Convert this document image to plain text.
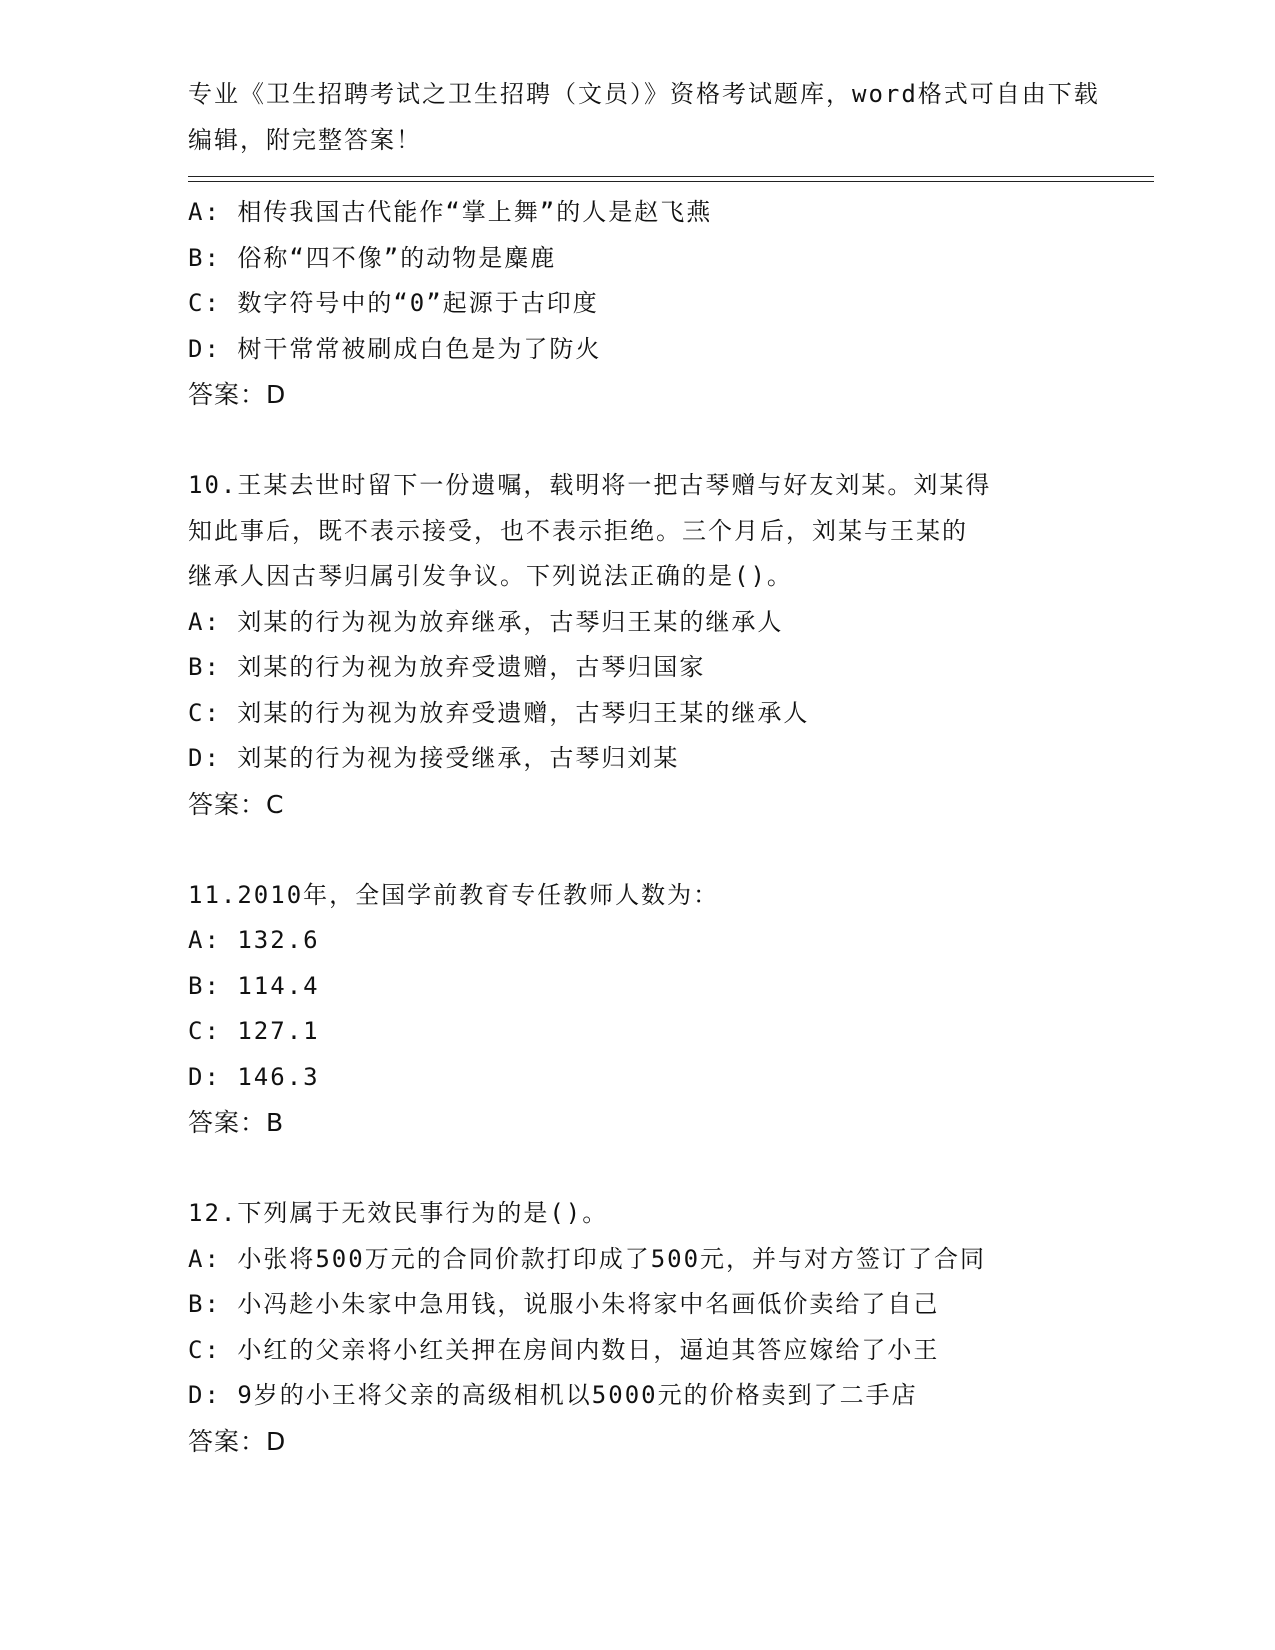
专业《卫生招聘考试之卫生招聘（文员）》资格考试题库，word格式可自由下载
编辑，附完整答案！
A: 相传我国古代能作“掌上舞”的人是赵飞燕
B: 俗称“四不像”的动物是麋鹿
C: 数字符号中的“0”起源于古印度
D: 树干常常被刷成白色是为了防火
答案：D
10.王某去世时留下一份遗嘱，载明将一把古琴赠与好友刘某。刘某得
知此事后，既不表示接受，也不表示拒绝。三个月后，刘某与王某的
继承人因古琴归属引发争议。下列说法正确的是()。
A: 刘某的行为视为放弃继承，古琴归王某的继承人
B: 刘某的行为视为放弃受遗赠，古琴归国家
C: 刘某的行为视为放弃受遗赠，古琴归王某的继承人
D: 刘某的行为视为接受继承，古琴归刘某
答案：C
11.2010年，全国学前教育专任教师人数为：
A: 132.6
B: 114.4
C: 127.1
D: 146.3
答案：B
12.下列属于无效民事行为的是()。
A: 小张将500万元的合同价款打印成了500元，并与对方签订了合同
B: 小冯趁小朱家中急用钱，说服小朱将家中名画低价卖给了自己
C: 小红的父亲将小红关押在房间内数日，逼迫其答应嫁给了小王
D: 9岁的小王将父亲的高级相机以5000元的价格卖到了二手店
答案：D
